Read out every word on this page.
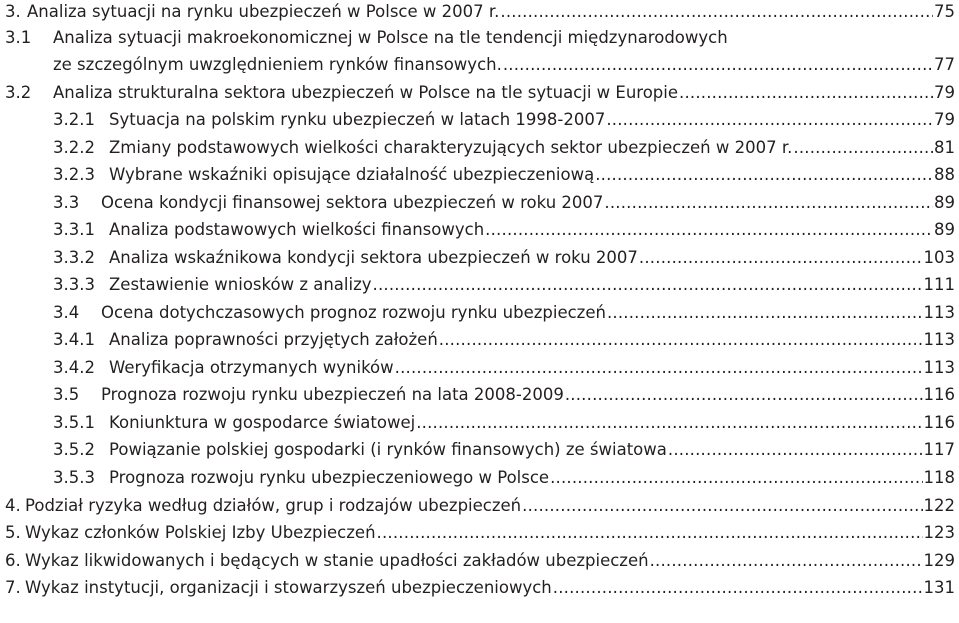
3. Analiza sytuacji na rynku ubezpieczeń w Polsce w 2007 r. .....	75
3.1	Analiza sytuacji makroekonomicznej w Polsce na tle tendencji międzynarodowych
ze szczególnym uwzględnieniem rynków finansowych. .....	77
3.2	Analiza strukturalna sektora ubezpieczeń w Polsce na tle sytuacji w Europie .....	79
3.2.1 Sytuacja na polskim rynku ubezpieczeń w latach 1998-2007 .....	79
3.2.2 Zmiany podstawowych wielkości charakteryzujących sektor ubezpieczeń w 2007 r. .....	81
3.2.3 Wybrane wskaźniki opisujące działalność ubezpieczeniową .....	88
3.3	Ocena kondycji finansowej sektora ubezpieczeń w roku 2007 .....	89
3.3.1 Analiza podstawowych wielkości finansowych .....	89
3.3.2 Analiza wskaźnikowa kondycji sektora ubezpieczeń w roku 2007 .....	103
3.3.3 Zestawienie wniosków z analizy .....	111
3.4	Ocena dotychczasowych prognoz rozwoju rynku ubezpieczeń .....	113
3.4.1 Analiza poprawności przyjętych założeń .....	113
3.4.2 Weryfikacja otrzymanych wyników .....	113
3.5	Prognoza rozwoju rynku ubezpieczeń na lata 2008-2009 .....	116
3.5.1 Koniunktura w gospodarce światowej .....	116
3.5.2 Powiązanie polskiej gospodarki (i rynków finansowych) ze światowa .....	117
3.5.3 Prognoza rozwoju rynku ubezpieczeniowego w Polsce .....	118
4. Podział ryzyka według działów, grup i rodzajów ubezpieczeń .....	122
5. Wykaz członków Polskiej Izby Ubezpieczeń .....	123
6. Wykaz likwidowanych i będących w stanie upadłości zakładów ubezpieczeń .....	129
7. Wykaz instytucji, organizacji i stowarzyszeń ubezpieczeniowych .....	131
